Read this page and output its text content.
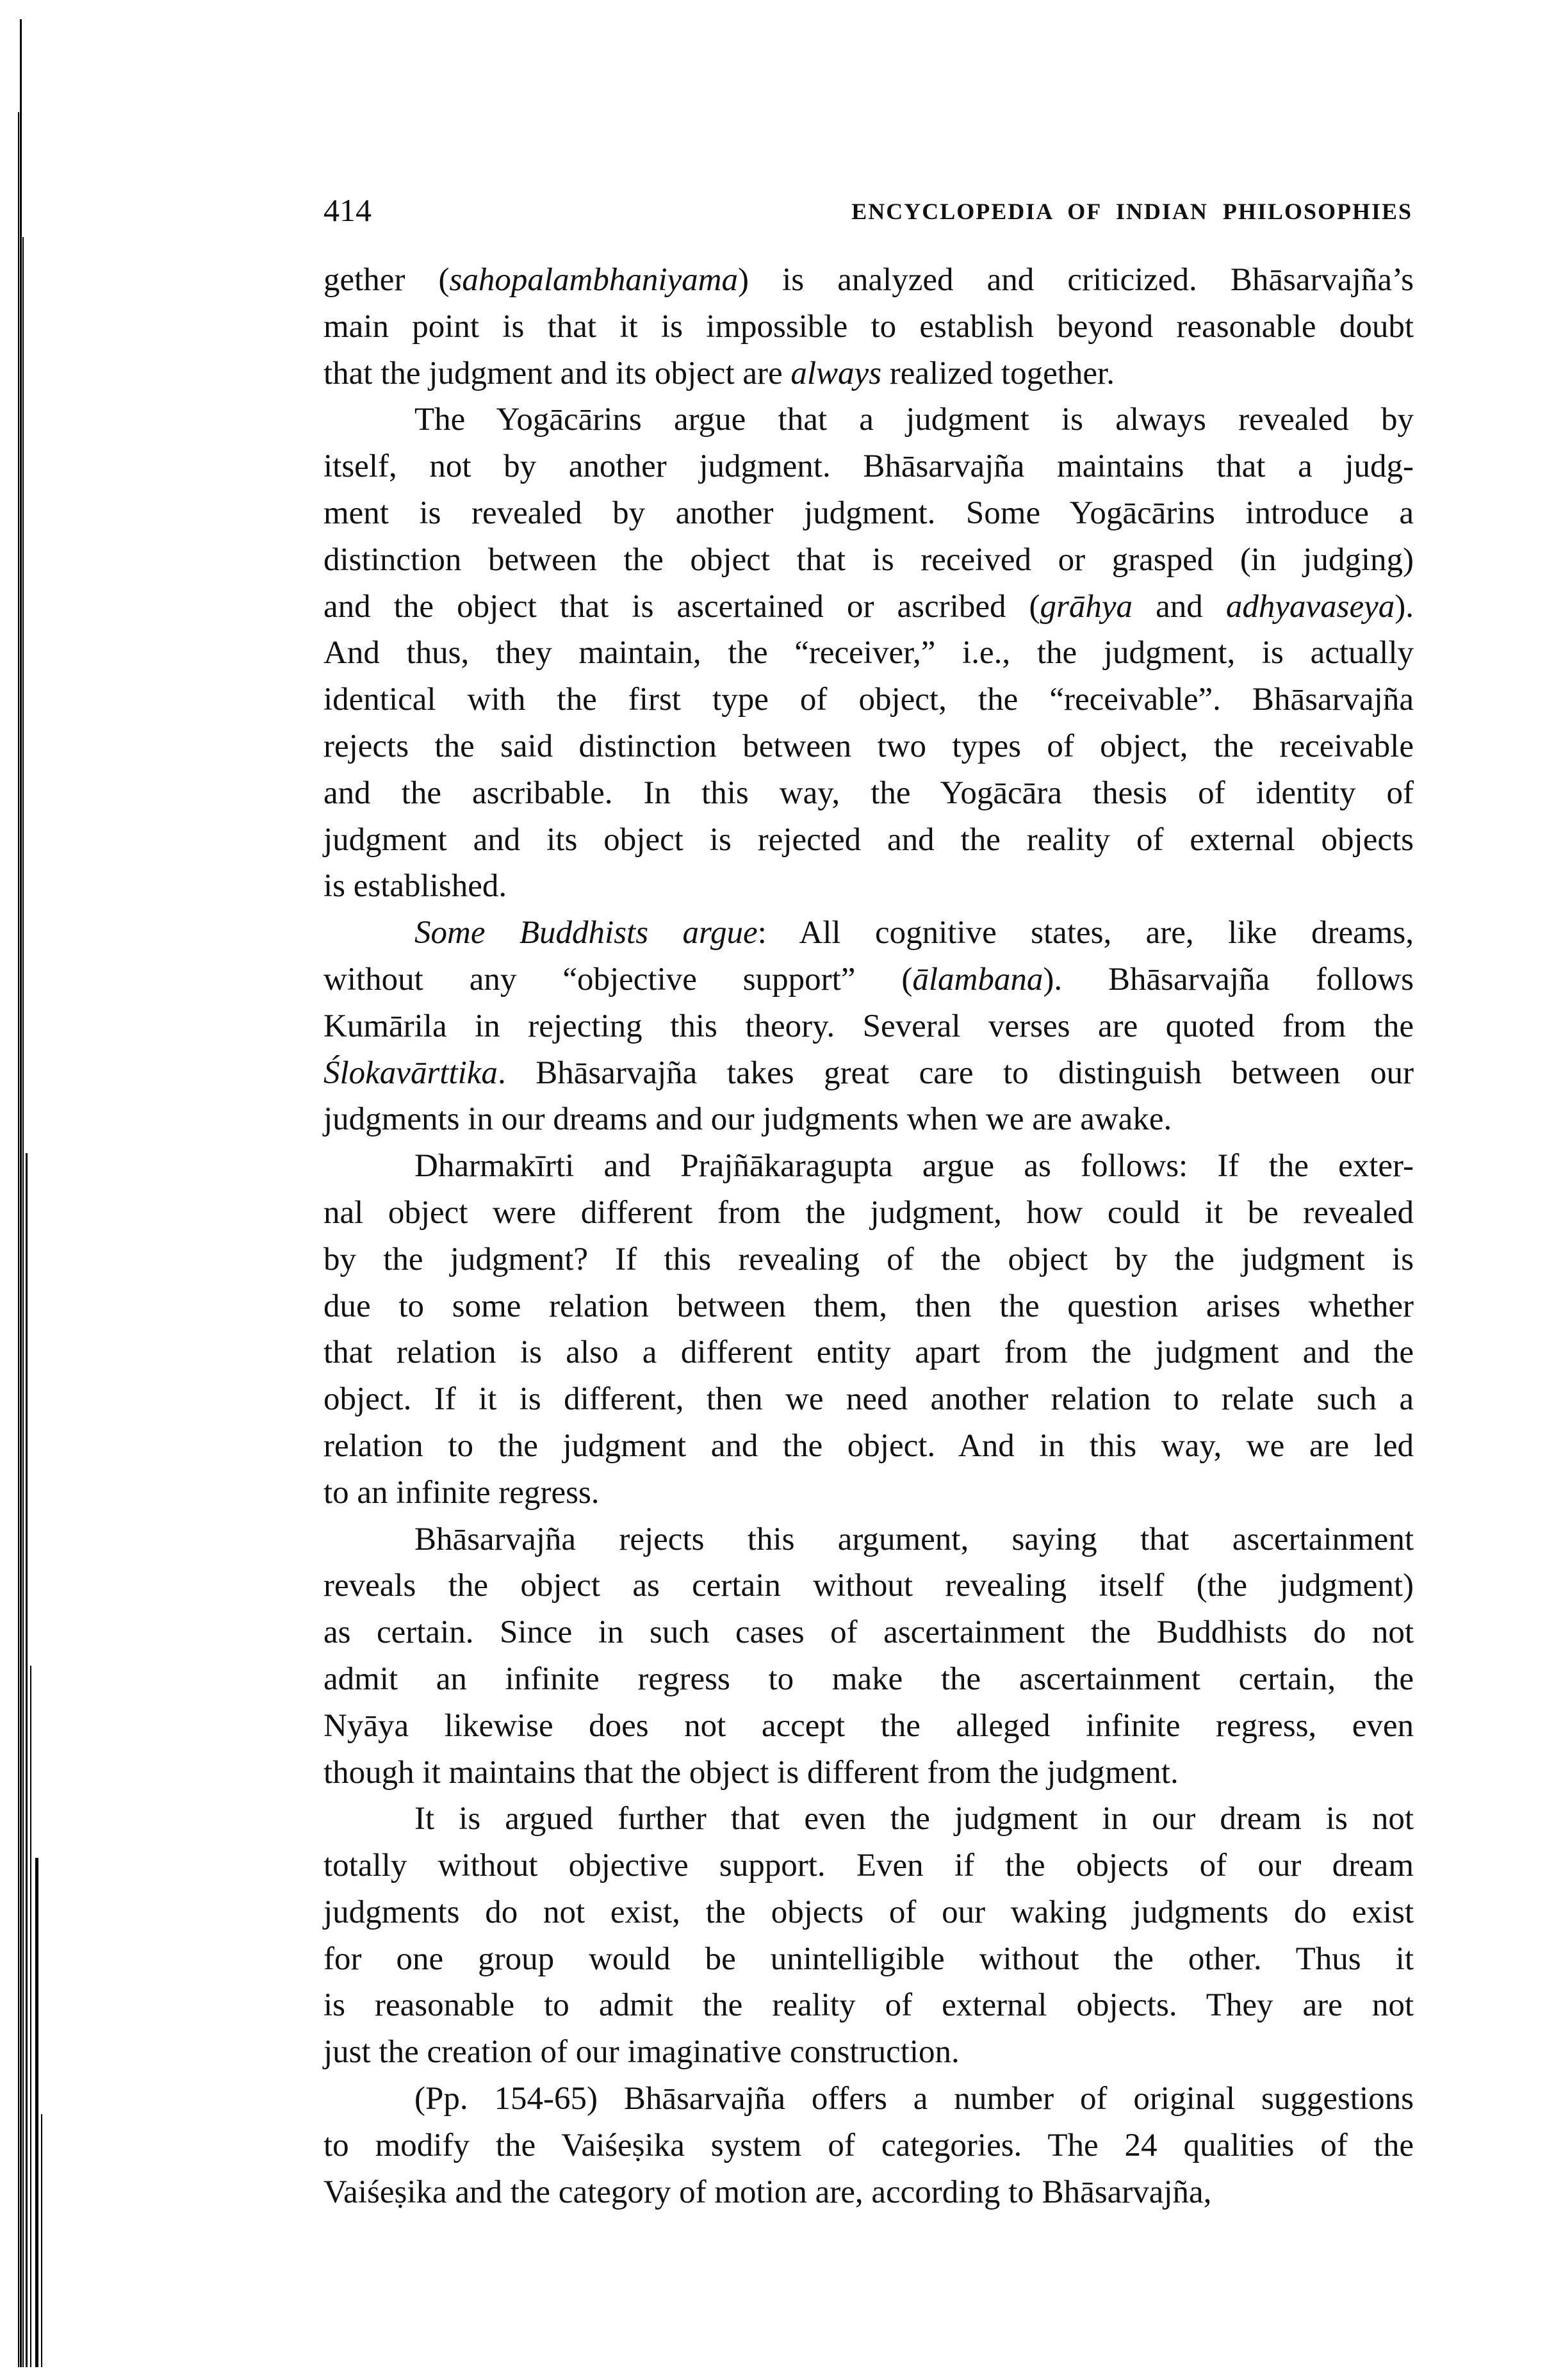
414	ENCYCLOPEDIA OF INDIAN PHILOSOPHIES
gether (sahopalambhaniyama) is analyzed and criticized. Bhāsarvajña’s
main point is that it is impossible to establish beyond reasonable doubt
that the judgment and its object are always realized together.
The Yogācārins argue that a judgment is always revealed by
itself, not by another judgment. Bhāsarvajña maintains that a judg-
ment is revealed by another judgment. Some Yogācārins introduce a
distinction between the object that is received or grasped (in judging)
and the object that is ascertained or ascribed (grāhya and adhyavaseya).
And thus, they maintain, the “receiver,” i.e., the judgment, is actually
identical with the first type of object, the “receivable”. Bhāsarvajña
rejects the said distinction between two types of object, the receivable
and the ascribable. In this way, the Yogācāra thesis of identity of
judgment and its object is rejected and the reality of external objects
is established.
Some Buddhists argue: All cognitive states, are, like dreams,
without any “objective support” (ālambana). Bhāsarvajña follows
Kumārila in rejecting this theory. Several verses are quoted from the
Ślokavārttika. Bhāsarvajña takes great care to distinguish between our
judgments in our dreams and our judgments when we are awake.
Dharmakīrti and Prajñākaragupta argue as follows: If the exter-
nal object were different from the judgment, how could it be revealed
by the judgment? If this revealing of the object by the judgment is
due to some relation between them, then the question arises whether
that relation is also a different entity apart from the judgment and the
object. If it is different, then we need another relation to relate such a
relation to the judgment and the object. And in this way, we are led
to an infinite regress.
Bhāsarvajña rejects this argument, saying that ascertainment
reveals the object as certain without revealing itself (the judgment)
as certain. Since in such cases of ascertainment the Buddhists do not
admit an infinite regress to make the ascertainment certain, the
Nyāya likewise does not accept the alleged infinite regress, even
though it maintains that the object is different from the judgment.
It is argued further that even the judgment in our dream is not
totally without objective support. Even if the objects of our dream
judgments do not exist, the objects of our waking judgments do exist
for one group would be unintelligible without the other. Thus it
is reasonable to admit the reality of external objects. They are not
just the creation of our imaginative construction.
(Pp. 154-65) Bhāsarvajña offers a number of original suggestions
to modify the Vaiśeṣika system of categories. The 24 qualities of the
Vaiśeṣika and the category of motion are, according to Bhāsarvajña,
